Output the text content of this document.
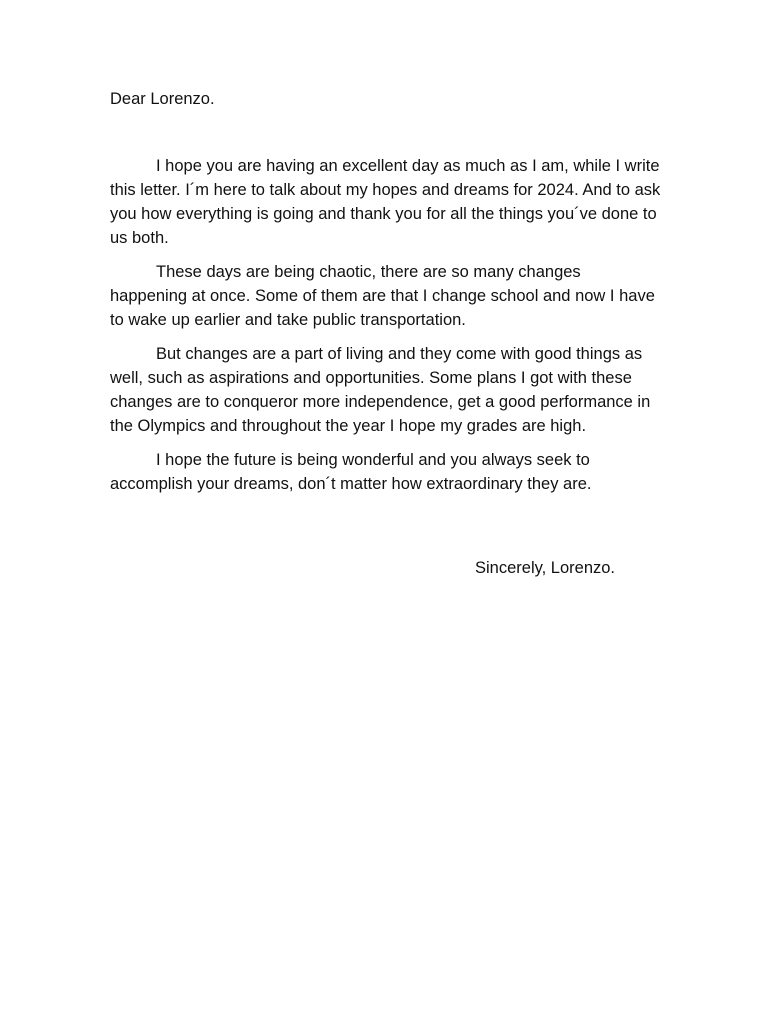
Dear Lorenzo.

I hope you are having an excellent day as much as I am, while I write this letter. I´m here to talk about my hopes and dreams for 2024. And to ask you how everything is going and thank you for all the things you´ve done to us both.

These days are being chaotic, there are so many changes happening at once. Some of them are that I change school and now I have to wake up earlier and take public transportation.

But changes are a part of living and they come with good things as well, such as aspirations and opportunities. Some plans I got with these changes are to conqueror more independence, get a good performance in the Olympics and throughout the year I hope my grades are high.

I hope the future is being wonderful and you always seek to accomplish your dreams, don´t matter how extraordinary they are.

Sincerely, Lorenzo.
